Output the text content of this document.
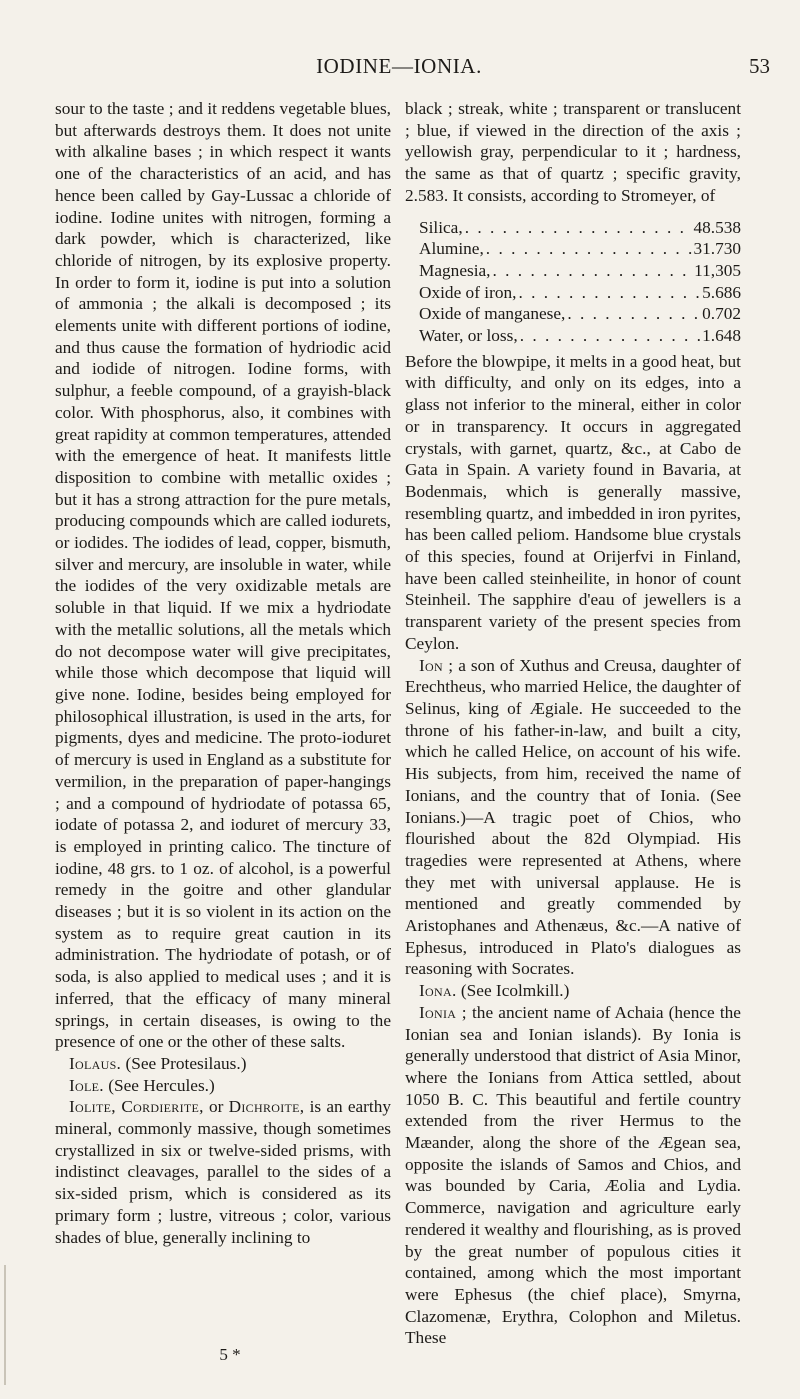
IODINE—IONIA.	53

sour to the taste ; and it reddens vegetable blues, but afterwards destroys them. It does not unite with alkaline bases ; in which respect it wants one of the characteristics of an acid, and has hence been called by Gay-Lussac a chloride of iodine. Iodine unites with nitrogen, forming a dark powder, which is characterized, like chloride of nitrogen, by its explosive property. In order to form it, iodine is put into a solution of ammonia ; the alkali is decomposed ; its elements unite with different portions of iodine, and thus cause the formation of hydriodic acid and iodide of nitrogen. Iodine forms, with sulphur, a feeble compound, of a grayish-black color. With phosphorus, also, it combines with great rapidity at common temperatures, attended with the emergence of heat. It manifests little disposition to combine with metallic oxides ; but it has a strong attraction for the pure metals, producing compounds which are called iodurets, or iodides. The iodides of lead, copper, bismuth, silver and mercury, are insoluble in water, while the iodides of the very oxidizable metals are soluble in that liquid. If we mix a hydriodate with the metallic solutions, all the metals which do not decompose water will give precipitates, while those which decompose that liquid will give none. Iodine, besides being employed for philosophical illustration, is used in the arts, for pigments, dyes and medicine. The proto-ioduret of mercury is used in England as a substitute for vermilion, in the preparation of paper-hangings ; and a compound of hydriodate of potassa 65, iodate of potassa 2, and ioduret of mercury 33, is employed in printing calico. The tincture of iodine, 48 grs. to 1 oz. of alcohol, is a powerful remedy in the goitre and other glandular diseases ; but it is so violent in its action on the system as to require great caution in its administration. The hydriodate of potash, or of soda, is also applied to medical uses ; and it is inferred, that the efficacy of many mineral springs, in certain diseases, is owing to the presence of one or the other of these salts.

Iolaus. (See Protesilaus.)

Iole. (See Hercules.)

Iolite, Cordierite, or Dichroite, is an earthy mineral, commonly massive, though sometimes crystallized in six or twelve-sided prisms, with indistinct cleavages, parallel to the sides of a six-sided prism, which is considered as its primary form ; lustre, vitreous ; color, various shades of blue, generally inclining to

black ; streak, white ; transparent or translucent ; blue, if viewed in the direction of the axis ; yellowish gray, perpendicular to it ; hardness, the same as that of quartz ; specific gravity, 2.583. It consists, according to Stromeyer, of

Silica, . . .	48.538
Alumine, . . .	31.730
Magnesia, . . .	11,305
Oxide of iron, . . .	5.686
Oxide of manganese, . . .	0.702
Water, or loss, . . .	1.648

Before the blowpipe, it melts in a good heat, but with difficulty, and only on its edges, into a glass not inferior to the mineral, either in color or in transparency. It occurs in aggregated crystals, with garnet, quartz, &c., at Cabo de Gata in Spain. A variety found in Bavaria, at Bodenmais, which is generally massive, resembling quartz, and imbedded in iron pyrites, has been called peliom. Handsome blue crystals of this species, found at Orijerfvi in Finland, have been called steinheilite, in honor of count Steinheil. The sapphire d'eau of jewellers is a transparent variety of the present species from Ceylon.

Ion ; a son of Xuthus and Creusa, daughter of Erechtheus, who married Helice, the daughter of Selinus, king of Ægiale. He succeeded to the throne of his father-in-law, and built a city, which he called Helice, on account of his wife. His subjects, from him, received the name of Ionians, and the country that of Ionia. (See Ionians.)—A tragic poet of Chios, who flourished about the 82d Olympiad. His tragedies were represented at Athens, where they met with universal applause. He is mentioned and greatly commended by Aristophanes and Athenæus, &c.—A native of Ephesus, introduced in Plato's dialogues as reasoning with Socrates.

Iona. (See Icolmkill.)

Ionia ; the ancient name of Achaia (hence the Ionian sea and Ionian islands). By Ionia is generally understood that district of Asia Minor, where the Ionians from Attica settled, about 1050 B. C. This beautiful and fertile country extended from the river Hermus to the Mæander, along the shore of the Ægean sea, opposite the islands of Samos and Chios, and was bounded by Caria, Æolia and Lydia. Commerce, navigation and agriculture early rendered it wealthy and flourishing, as is proved by the great number of populous cities it contained, among which the most important were Ephesus (the chief place), Smyrna, Clazomenæ, Erythra, Colophon and Miletus. These

5 *
